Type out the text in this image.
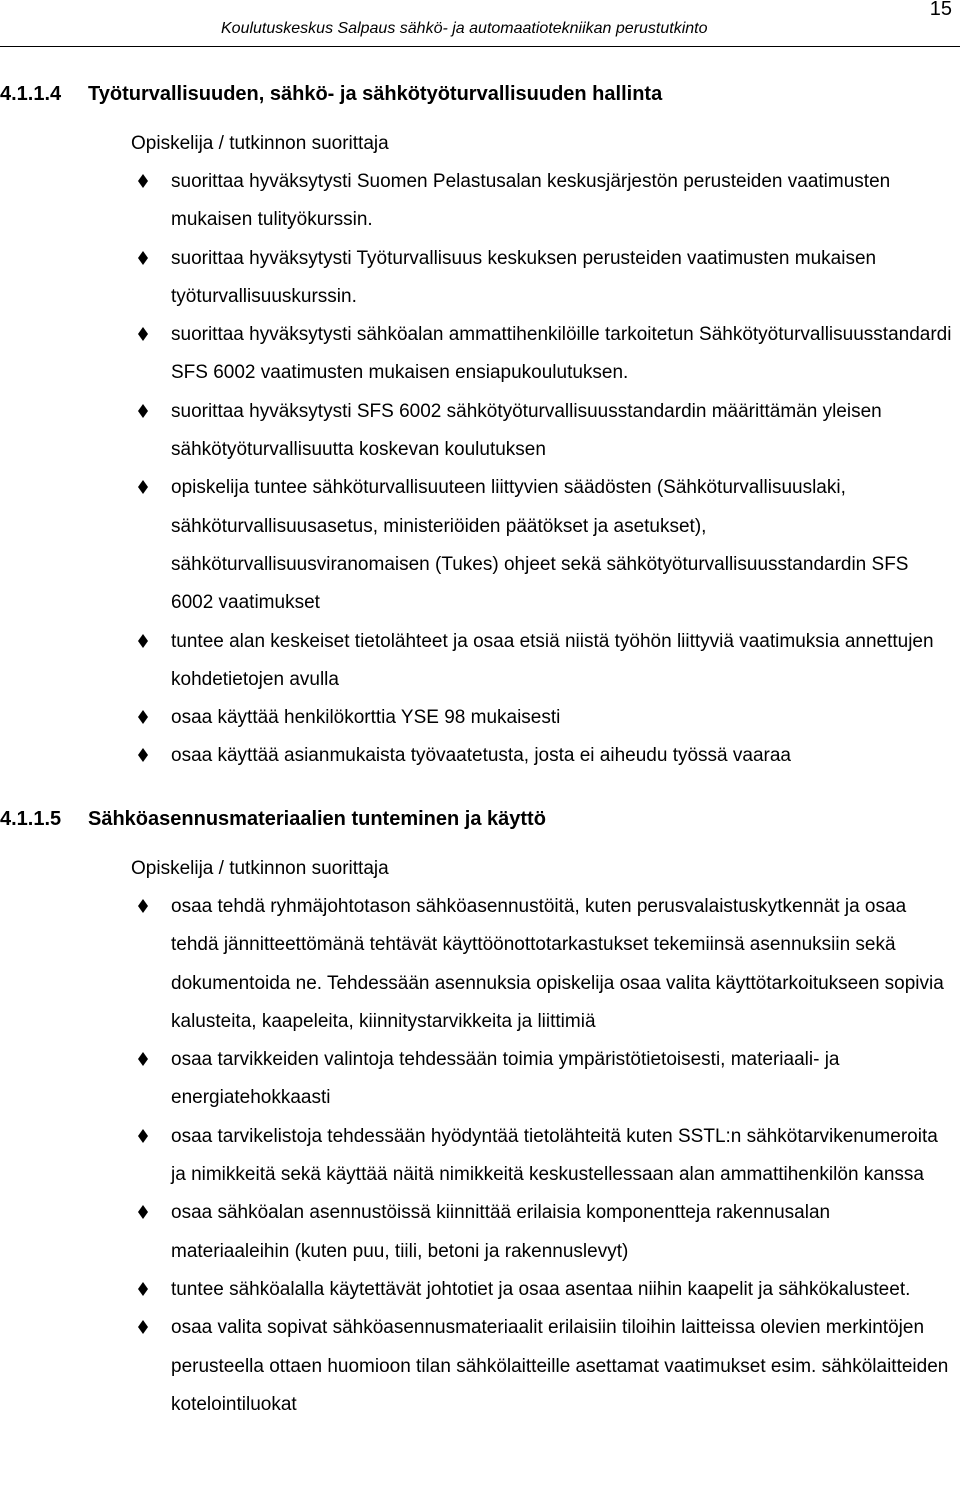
Koulutuskeskus Salpaus sähkö- ja automaatiotekniikan perustutkinto
15
4.1.1.4 Työturvallisuuden, sähkö- ja sähkötyöturvallisuuden hallinta
Opiskelija / tutkinnon suorittaja
suorittaa hyväksytysti Suomen Pelastusalan keskusjärjestön perusteiden vaatimusten mukaisen tulityökurssin.
suorittaa hyväksytysti Työturvallisuus keskuksen perusteiden vaatimusten mukaisen työturvallisuuskurssin.
suorittaa hyväksytysti sähköalan ammattihenkilöille tarkoitetun Sähkötyöturvallisuusstandardi SFS 6002 vaatimusten mukaisen ensiapukoulutuksen.
suorittaa hyväksytysti SFS 6002 sähkötyöturvallisuusstandardin määrittämän yleisen sähkötyöturvallisuutta koskevan koulutuksen
opiskelija tuntee sähköturvallisuuteen liittyvien säädösten (Sähköturvallisuuslaki, sähköturvallisuusasetus, ministeriöiden päätökset ja asetukset), sähköturvallisuusviranomaisen (Tukes) ohjeet sekä sähkötyöturvallisuusstandardin SFS 6002 vaatimukset
tuntee alan keskeiset tietolähteet ja osaa etsiä niistä työhön liittyviä vaatimuksia annettujen kohdetietojen avulla
osaa käyttää henkilökorttia YSE 98 mukaisesti
osaa käyttää asianmukaista työvaatetusta, josta ei aiheudu työssä vaaraa
4.1.1.5 Sähköasennusmateriaalien tunteminen ja käyttö
Opiskelija / tutkinnon suorittaja
osaa tehdä ryhmäjohtotason sähköasennustöitä, kuten perusvalaistuskytkennät ja osaa tehdä jännitteettömänä tehtävät käyttöönottotarkastukset tekemiinsä asennuksiin sekä dokumentoida ne. Tehdessään asennuksia opiskelija osaa valita käyttötarkoitukseen sopivia kalusteita, kaapeleita, kiinnitystarvikkeita ja liittimiä
osaa tarvikkeiden valintoja tehdessään toimia ympäristötietoisesti, materiaali- ja energiatehokkaasti
osaa tarvikelistoja tehdessään hyödyntää tietolähteitä kuten SSTL:n sähkötarvikenumeroita ja nimikkeitä sekä käyttää näitä nimikkeitä keskustellessaan alan ammattihenkilön kanssa
osaa sähköalan asennustöissä kiinnittää erilaisia komponentteja rakennusalan materiaaleihin (kuten puu, tiili, betoni ja rakennuslevyt)
tuntee sähköalalla käytettävät johtotiet ja osaa asentaa niihin kaapelit ja sähkökalusteet.
osaa valita sopivat sähköasennusmateriaalit erilaisiin tiloihin laitteissa olevien merkintöjen perusteella ottaen huomioon tilan sähkölaitteille asettamat vaatimukset esim. sähkölaitteiden kotelointiluokat
